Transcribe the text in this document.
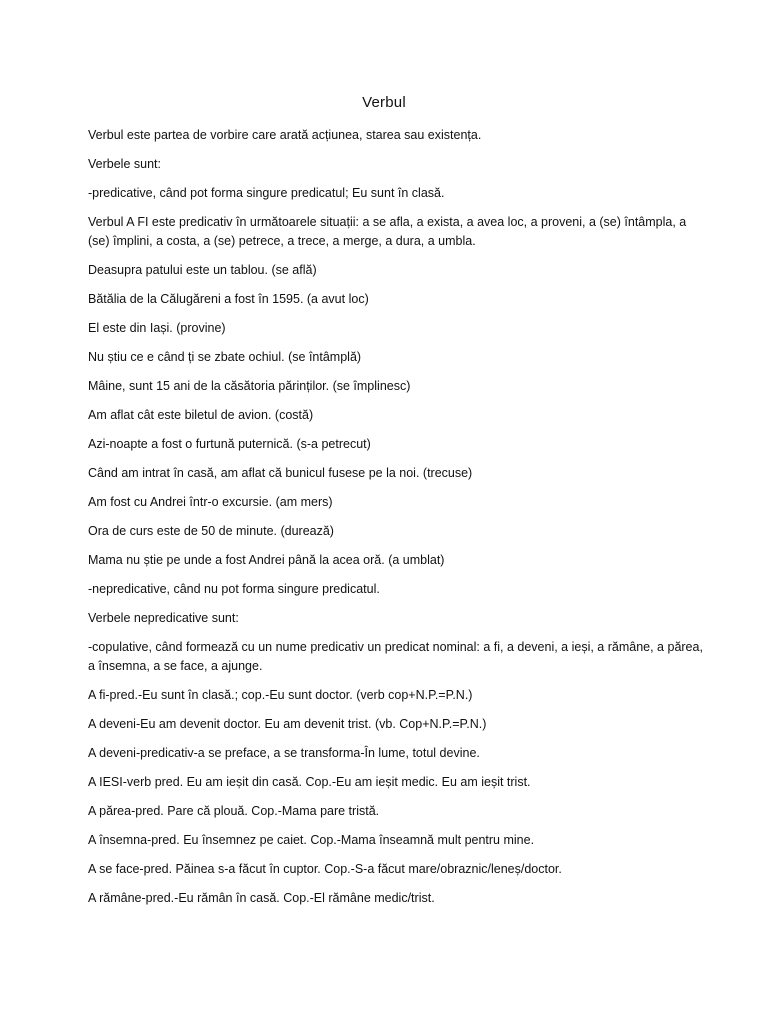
Verbul

Verbul este partea de vorbire care arată acțiunea, starea sau existența.

Verbele sunt:

-predicative, când pot forma singure predicatul; Eu sunt în clasă.

Verbul A FI este predicativ în următoarele situații: a se afla, a exista, a avea loc, a proveni, a (se) întâmpla, a (se) împlini, a costa, a (se) petrece, a trece, a merge, a dura, a umbla.

Deasupra patului este un tablou. (se află)

Bătălia de la Călugăreni a fost în 1595. (a avut loc)

El este din Iași. (provine)

Nu știu ce e când ți se zbate ochiul. (se întâmplă)

Mâine, sunt 15 ani de la căsătoria părinților. (se împlinesc)

Am aflat cât este biletul de avion. (costă)

Azi-noapte a fost o furtună puternică. (s-a petrecut)

Când am intrat în casă, am aflat că bunicul fusese pe la noi. (trecuse)

Am fost cu Andrei într-o excursie. (am mers)

Ora de curs este de 50 de minute. (durează)

Mama nu știe pe unde a fost Andrei până la acea oră. (a umblat)

-nepredicative, când nu pot forma singure predicatul.

Verbele nepredicative sunt:

-copulative, când formează cu un nume predicativ un predicat nominal: a fi, a deveni, a ieși, a rămâne, a părea, a însemna, a se face, a ajunge.

A fi-pred.-Eu sunt în clasă.; cop.-Eu sunt doctor. (verb cop+N.P.=P.N.)

A deveni-Eu am devenit doctor. Eu am devenit trist. (vb. Cop+N.P.=P.N.)

A deveni-predicativ-a se preface, a se transforma-În lume, totul devine.

A IESI-verb pred. Eu am ieșit din casă. Cop.-Eu am ieșit medic. Eu am ieșit trist.

A părea-pred. Pare că plouă. Cop.-Mama pare tristă.

A însemna-pred. Eu însemnez pe caiet. Cop.-Mama înseamnă mult pentru mine.

A se face-pred. Păinea s-a făcut în cuptor. Cop.-S-a făcut mare/obraznic/leneș/doctor.

A rămâne-pred.-Eu rămân în casă. Cop.-El rămâne medic/trist.
